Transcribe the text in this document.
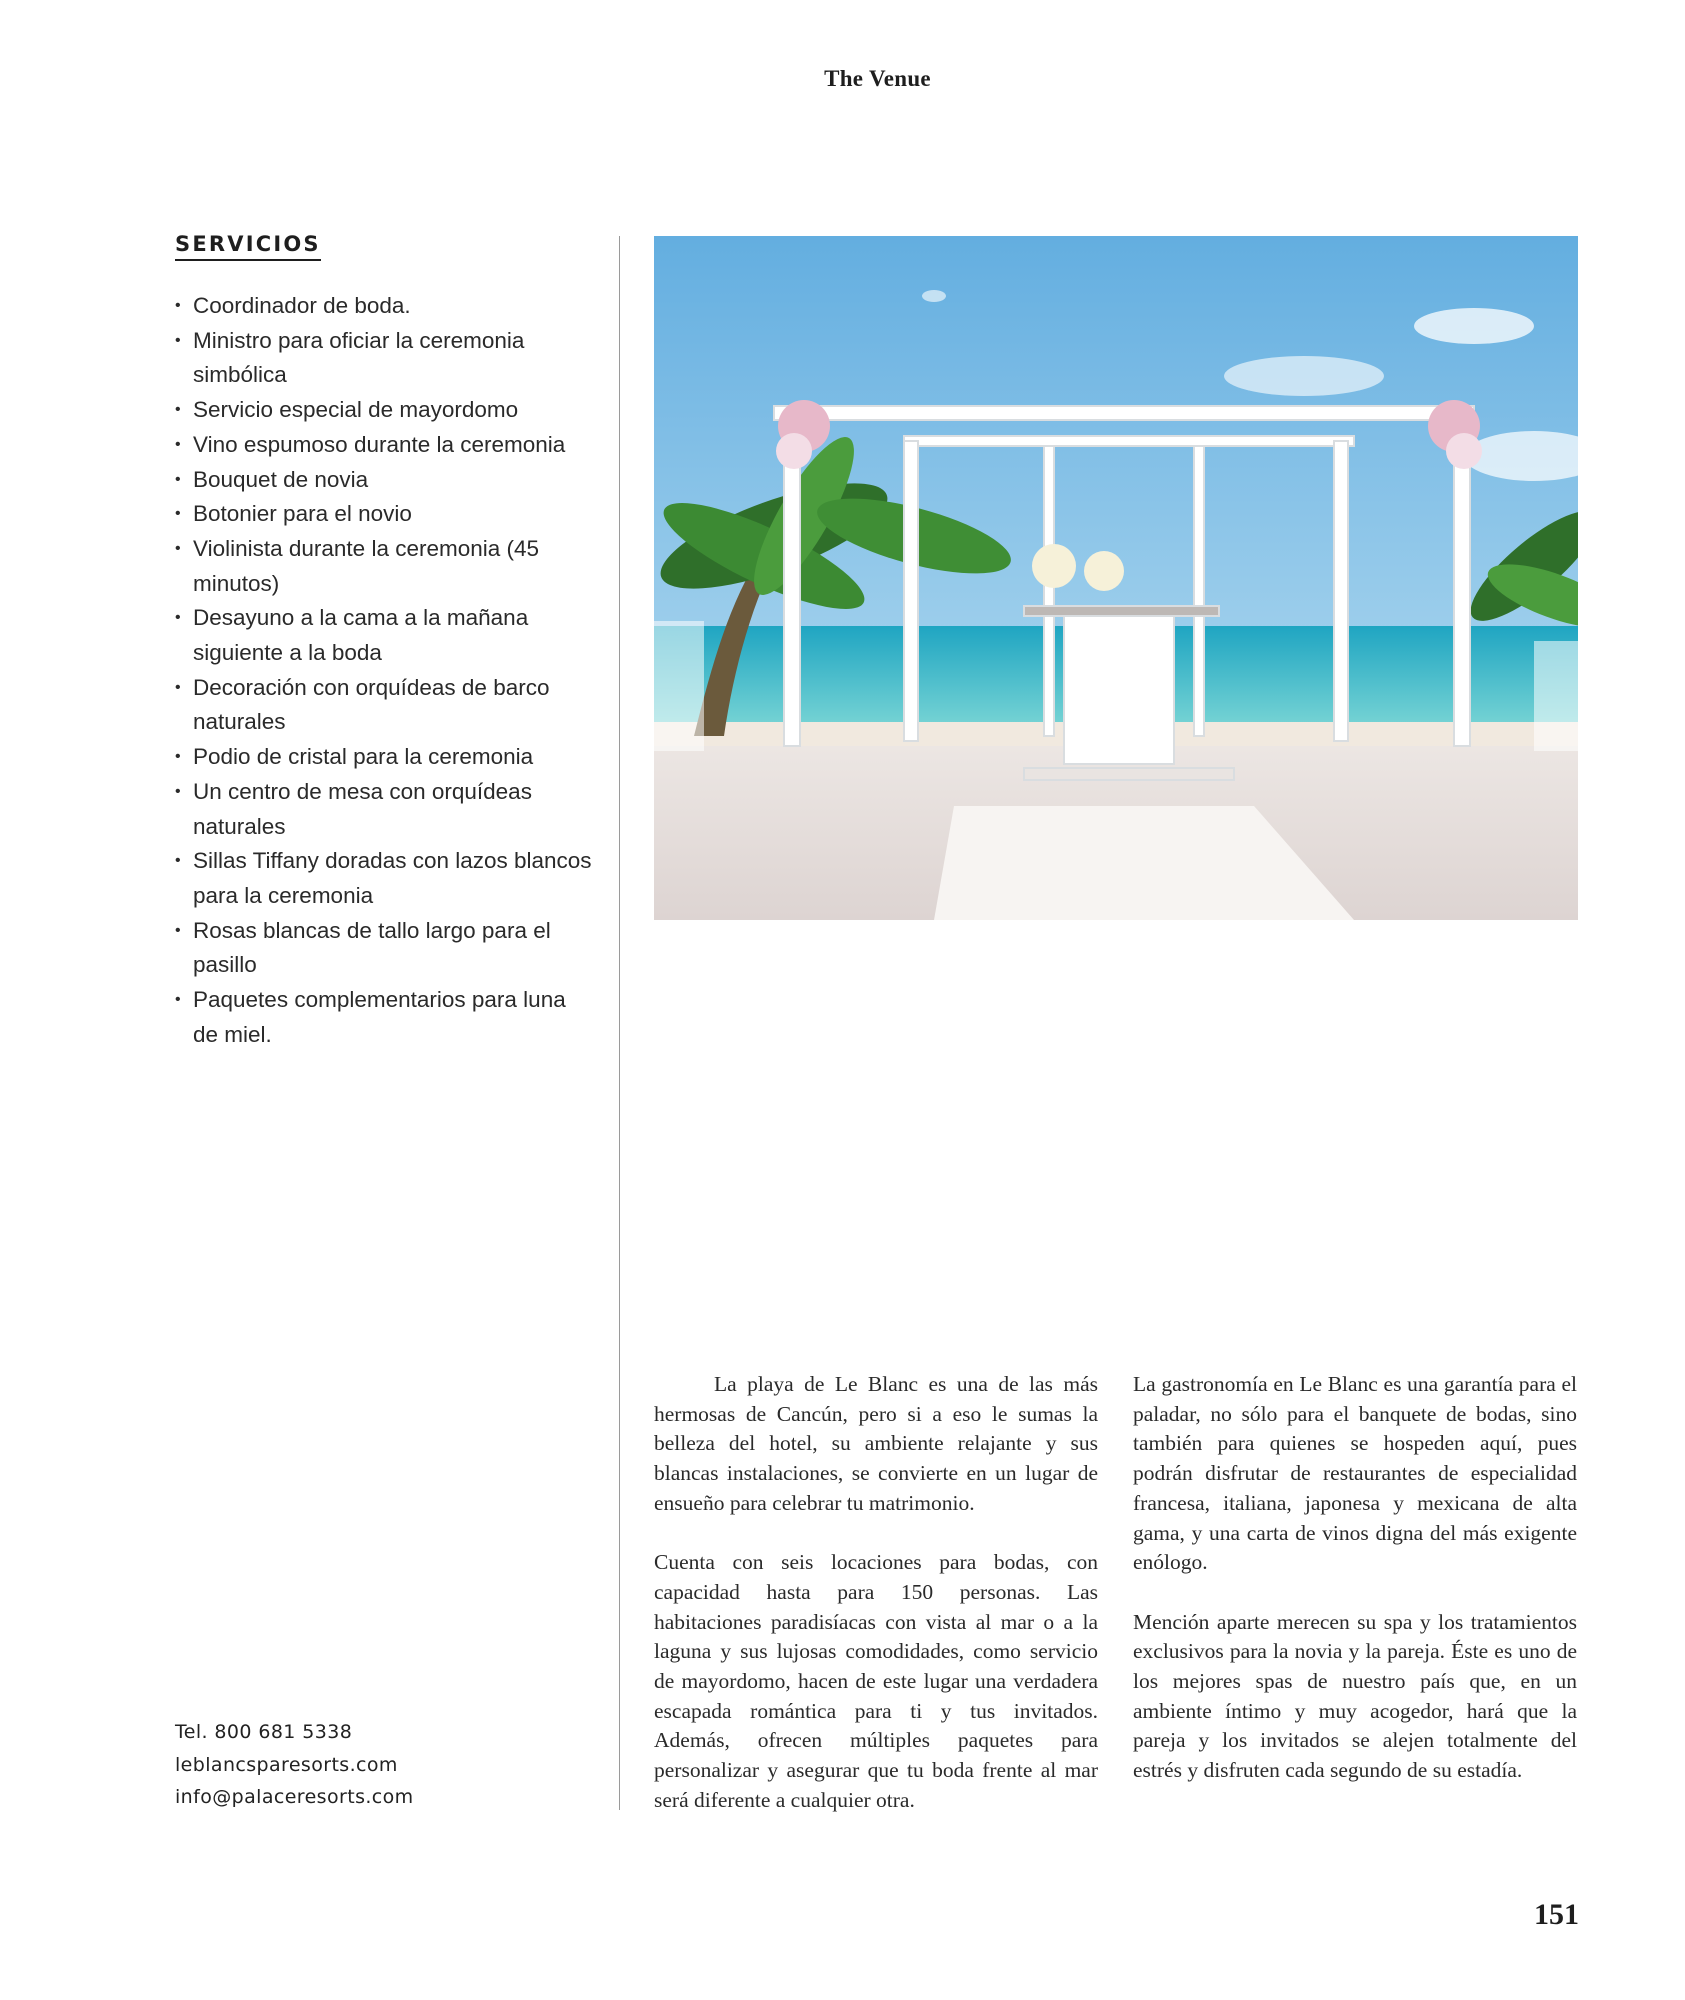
The Venue
SERVICIOS
• Coordinador de boda.
• Ministro para oficiar la ceremonia simbólica
• Servicio especial de mayordomo
• Vino espumoso durante la ceremonia
• Bouquet de novia
• Botonier para el novio
• Violinista durante la ceremonia (45 minutos)
• Desayuno a la cama a la mañana siguiente a la boda
• Decoración con orquídeas de barco naturales
• Podio de cristal para la ceremonia
• Un centro de mesa con orquídeas naturales
• Sillas Tiffany doradas con lazos blancos para la ceremonia
• Rosas blancas de tallo largo para el pasillo
• Paquetes complementarios para luna de miel.
Tel. 800 681 5338
leblancsparesorts.com
info@palaceresorts.com

La playa de Le Blanc es una de las más hermosas de Cancún, pero si a eso le sumas la belleza del hotel, su ambiente relajante y sus blancas instalaciones, se convierte en un lugar de ensueño para celebrar tu matrimonio.

Cuenta con seis locaciones para bodas, con capacidad hasta para 150 personas. Las habitaciones paradisíacas con vista al mar o a la laguna y sus lujosas comodidades, como servicio de mayordomo, hacen de este lugar una verdadera escapada romántica para ti y tus invitados. Además, ofrecen múltiples paquetes para personalizar y asegurar que tu boda frente al mar será diferente a cualquier otra.

La gastronomía en Le Blanc es una garantía para el paladar, no sólo para el banquete de bodas, sino también para quienes se hospeden aquí, pues podrán disfrutar de restaurantes de especialidad francesa, italiana, japonesa y mexicana de alta gama, y una carta de vinos digna del más exigente enólogo.

Mención aparte merecen su spa y los tratamientos exclusivos para la novia y la pareja. Éste es uno de los mejores spas de nuestro país que, en un ambiente íntimo y muy acogedor, hará que la pareja y los invitados se alejen totalmente del estrés y disfruten cada segundo de su estadía.

151
